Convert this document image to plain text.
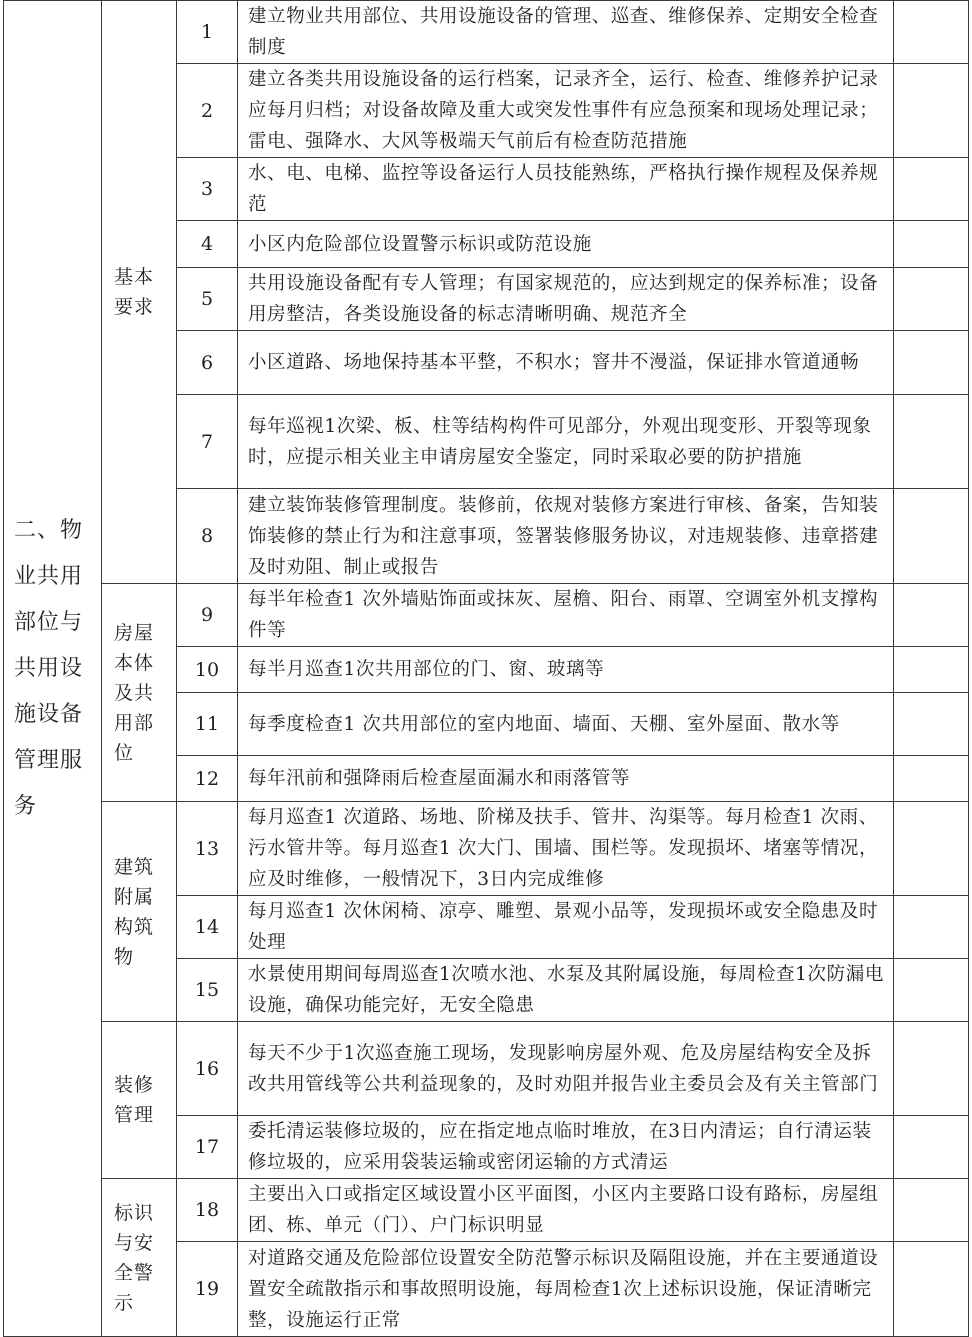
二、物业共用部位与共用设施设备管理服务	基本要求	1	建立物业共用部位、共用设施设备的管理、巡查、维修保养、定期安全检查制度	
		2	建立各类共用设施设备的运行档案，记录齐全，运行、检查、维修养护记录应每月归档；对设备故障及重大或突发性事件有应急预案和现场处理记录；雷电、强降水、大风等极端天气前后有检查防范措施	
		3	水、电、电梯、监控等设备运行人员技能熟练，严格执行操作规程及保养规范	
		4	小区内危险部位设置警示标识或防范设施	
		5	共用设施设备配有专人管理；有国家规范的，应达到规定的保养标准；设备用房整洁，各类设施设备的标志清晰明确、规范齐全	
		6	小区道路、场地保持基本平整，不积水；窨井不漫溢，保证排水管道通畅	
		7	每年巡视1次梁、板、柱等结构构件可见部分，外观出现变形、开裂等现象时，应提示相关业主申请房屋安全鉴定，同时采取必要的防护措施	
		8	建立装饰装修管理制度。装修前，依规对装修方案进行审核、备案，告知装饰装修的禁止行为和注意事项，签署装修服务协议，对违规装修、违章搭建及时劝阻、制止或报告	
	房屋本体及共用部位	9	每半年检查1 次外墙贴饰面或抹灰、屋檐、阳台、雨罩、空调室外机支撑构件等	
		10	每半月巡查1次共用部位的门、窗、玻璃等	
		11	每季度检查1 次共用部位的室内地面、墙面、天棚、室外屋面、散水等	
		12	每年汛前和强降雨后检查屋面漏水和雨落管等	
	建筑附属构筑物	13	每月巡查1 次道路、场地、阶梯及扶手、管井、沟渠等。每月检查1 次雨、污水管井等。每月巡查1 次大门、围墙、围栏等。发现损坏、堵塞等情况，应及时维修，一般情况下，3日内完成维修	
		14	每月巡查1 次休闲椅、凉亭、雕塑、景观小品等，发现损坏或安全隐患及时处理	
		15	水景使用期间每周巡查1次喷水池、水泵及其附属设施，每周检查1次防漏电设施，确保功能完好，无安全隐患	
	装修管理	16	每天不少于1次巡查施工现场，发现影响房屋外观、危及房屋结构安全及拆改共用管线等公共利益现象的，及时劝阻并报告业主委员会及有关主管部门	
		17	委托清运装修垃圾的，应在指定地点临时堆放，在3日内清运；自行清运装修垃圾的，应采用袋装运输或密闭运输的方式清运	
	标识与安全警示	18	主要出入口或指定区域设置小区平面图，小区内主要路口设有路标，房屋组团、栋、单元（门）、户门标识明显	
		19	对道路交通及危险部位设置安全防范警示标识及隔阻设施，并在主要通道设置安全疏散指示和事故照明设施，每周检查1次上述标识设施，保证清晰完整，设施运行正常	
